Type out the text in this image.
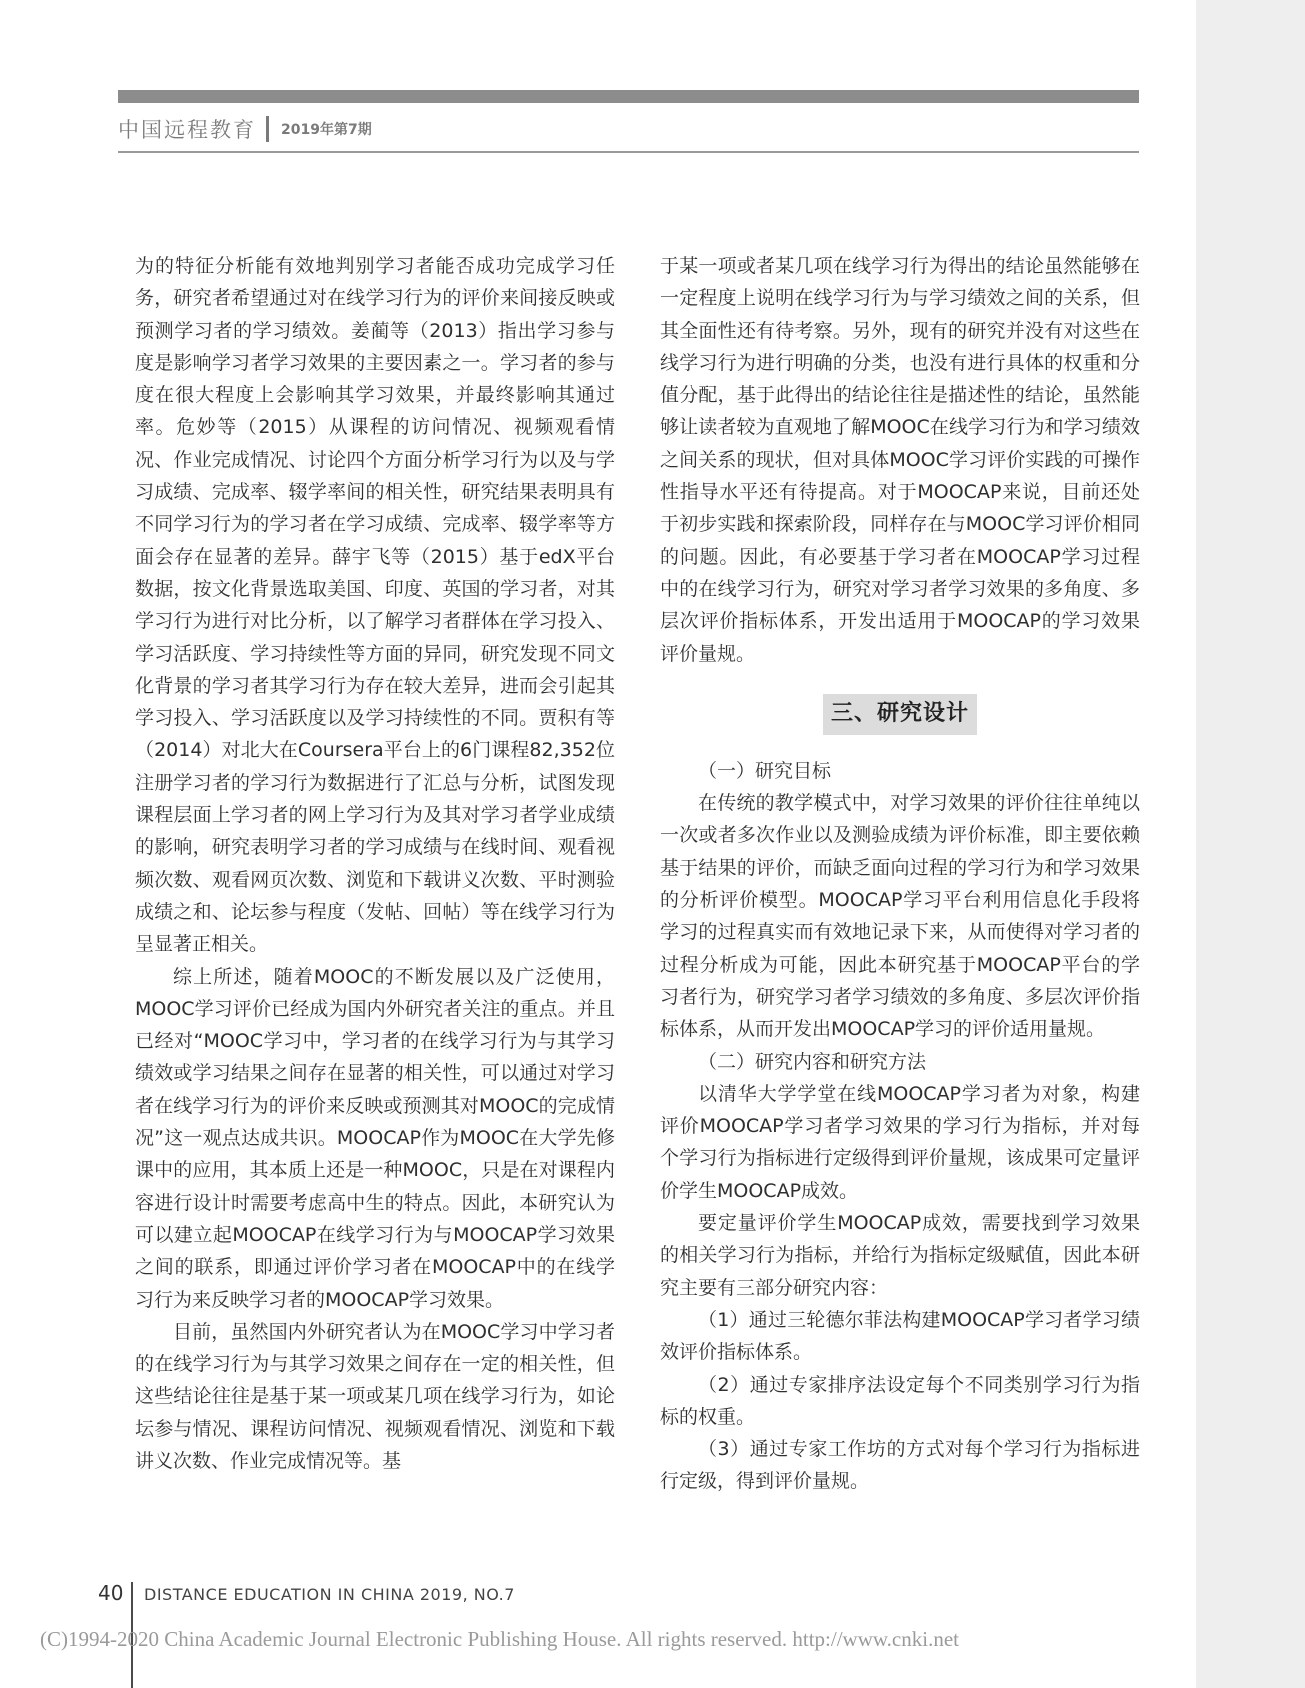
中国远程教育 2019年第7期

为的特征分析能有效地判别学习者能否成功完成学习任务，研究者希望通过对在线学习行为的评价来间接反映或预测学习者的学习绩效。姜蔺等（2013）指出学习参与度是影响学习者学习效果的主要因素之一。学习者的参与度在很大程度上会影响其学习效果，并最终影响其通过率。危妙等（2015）从课程的访问情况、视频观看情况、作业完成情况、讨论四个方面分析学习行为以及与学习成绩、完成率、辍学率间的相关性，研究结果表明具有不同学习行为的学习者在学习成绩、完成率、辍学率等方面会存在显著的差异。薛宇飞等（2015）基于edX平台数据，按文化背景选取美国、印度、英国的学习者，对其学习行为进行对比分析，以了解学习者群体在学习投入、学习活跃度、学习持续性等方面的异同，研究发现不同文化背景的学习者其学习行为存在较大差异，进而会引起其学习投入、学习活跃度以及学习持续性的不同。贾积有等（2014）对北大在Coursera平台上的6门课程82,352位注册学习者的学习行为数据进行了汇总与分析，试图发现课程层面上学习者的网上学习行为及其对学习者学业成绩的影响，研究表明学习者的学习成绩与在线时间、观看视频次数、观看网页次数、浏览和下载讲义次数、平时测验成绩之和、论坛参与程度（发帖、回帖）等在线学习行为呈显著正相关。

综上所述，随着MOOC的不断发展以及广泛使用，MOOC学习评价已经成为国内外研究者关注的重点。并且已经对“MOOC学习中，学习者的在线学习行为与其学习绩效或学习结果之间存在显著的相关性，可以通过对学习者在线学习行为的评价来反映或预测其对MOOC的完成情况”这一观点达成共识。MOOCAP作为MOOC在大学先修课中的应用，其本质上还是一种MOOC，只是在对课程内容进行设计时需要考虑高中生的特点。因此，本研究认为可以建立起MOOCAP在线学习行为与MOOCAP学习效果之间的联系，即通过评价学习者在MOOCAP中的在线学习行为来反映学习者的MOOCAP学习效果。

目前，虽然国内外研究者认为在MOOC学习中学习者的在线学习行为与其学习效果之间存在一定的相关性，但这些结论往往是基于某一项或某几项在线学习行为，如论坛参与情况、课程访问情况、视频观看情况、浏览和下载讲义次数、作业完成情况等。基

于某一项或者某几项在线学习行为得出的结论虽然能够在一定程度上说明在线学习行为与学习绩效之间的关系，但其全面性还有待考察。另外，现有的研究并没有对这些在线学习行为进行明确的分类，也没有进行具体的权重和分值分配，基于此得出的结论往往是描述性的结论，虽然能够让读者较为直观地了解MOOC在线学习行为和学习绩效之间关系的现状，但对具体MOOC学习评价实践的可操作性指导水平还有待提高。对于MOOCAP来说，目前还处于初步实践和探索阶段，同样存在与MOOC学习评价相同的问题。因此，有必要基于学习者在MOOCAP学习过程中的在线学习行为，研究对学习者学习效果的多角度、多层次评价指标体系，开发出适用于MOOCAP的学习效果评价量规。

三、研究设计

（一）研究目标

在传统的教学模式中，对学习效果的评价往往单纯以一次或者多次作业以及测验成绩为评价标准，即主要依赖基于结果的评价，而缺乏面向过程的学习行为和学习效果的分析评价模型。MOOCAP学习平台利用信息化手段将学习的过程真实而有效地记录下来，从而使得对学习者的过程分析成为可能，因此本研究基于MOOCAP平台的学习者行为，研究学习者学习绩效的多角度、多层次评价指标体系，从而开发出MOOCAP学习的评价适用量规。

（二）研究内容和研究方法

以清华大学学堂在线MOOCAP学习者为对象，构建评价MOOCAP学习者学习效果的学习行为指标，并对每个学习行为指标进行定级得到评价量规，该成果可定量评价学生MOOCAP成效。

要定量评价学生MOOCAP成效，需要找到学习效果的相关学习行为指标，并给行为指标定级赋值，因此本研究主要有三部分研究内容：

（1）通过三轮德尔菲法构建MOOCAP学习者学习绩效评价指标体系。

（2）通过专家排序法设定每个不同类别学习行为指标的权重。

（3）通过专家工作坊的方式对每个学习行为指标进行定级，得到评价量规。

40 DISTANCE EDUCATION IN CHINA 2019, NO.7
(C)1994-2020 China Academic Journal Electronic Publishing House. All rights reserved. http://www.cnki.net
